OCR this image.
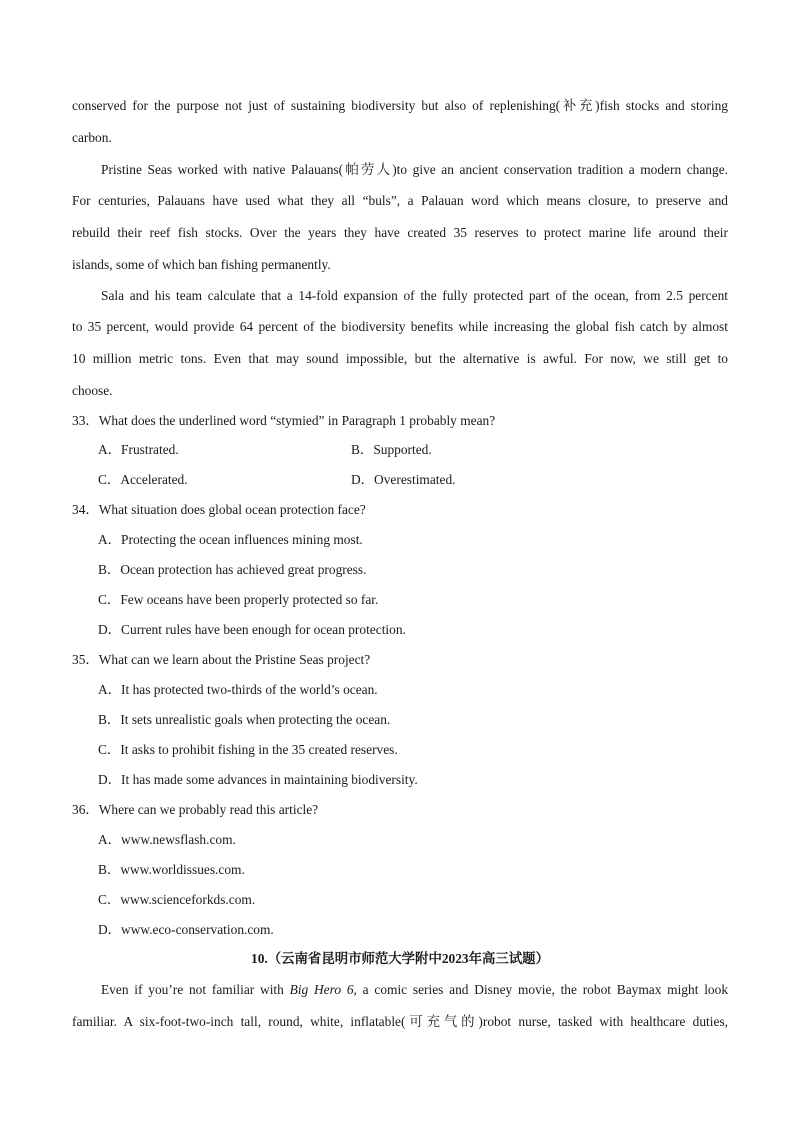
conserved for the purpose not just of sustaining biodiversity but also of replenishing(补充)fish stocks and storing
carbon.
Pristine Seas worked with native Palauans(帕劳人)to give an ancient conservation tradition a modern change.
For centuries, Palauans have used what they all “buls”, a Palauan word which means closure, to preserve and
rebuild their reef fish stocks. Over the years they have created 35 reserves to protect marine life around their
islands, some of which ban fishing permanently.
Sala and his team calculate that a 14-fold expansion of the fully protected part of the ocean, from 2.5 percent
to 35 percent, would provide 64 percent of the biodiversity benefits while increasing the global fish catch by almost
10 million metric tons. Even that may sound impossible, but the alternative is awful. For now, we still get to
choose.
33．What does the underlined word “stymied” in Paragraph 1 probably mean?
A．Frustrated.	B．Supported.
C．Accelerated.	D．Overestimated.
34．What situation does global ocean protection face?
A．Protecting the ocean influences mining most.
B．Ocean protection has achieved great progress.
C．Few oceans have been properly protected so far.
D．Current rules have been enough for ocean protection.
35．What can we learn about the Pristine Seas project?
A．It has protected two-thirds of the world’s ocean.
B．It sets unrealistic goals when protecting the ocean.
C．It asks to prohibit fishing in the 35 created reserves.
D．It has made some advances in maintaining biodiversity.
36．Where can we probably read this article?
A．www.newsflash.com.
B．www.worldissues.com.
C．www.scienceforkds.com.
D．www.eco-conservation.com.
10.（云南省昆明市师范大学附中2023年高三试题）
Even if you’re not familiar with Big Hero 6, a comic series and Disney movie, the robot Baymax might look
familiar. A six-foot-two-inch tall, round, white, inflatable(可充气的)robot nurse, tasked with healthcare duties,
